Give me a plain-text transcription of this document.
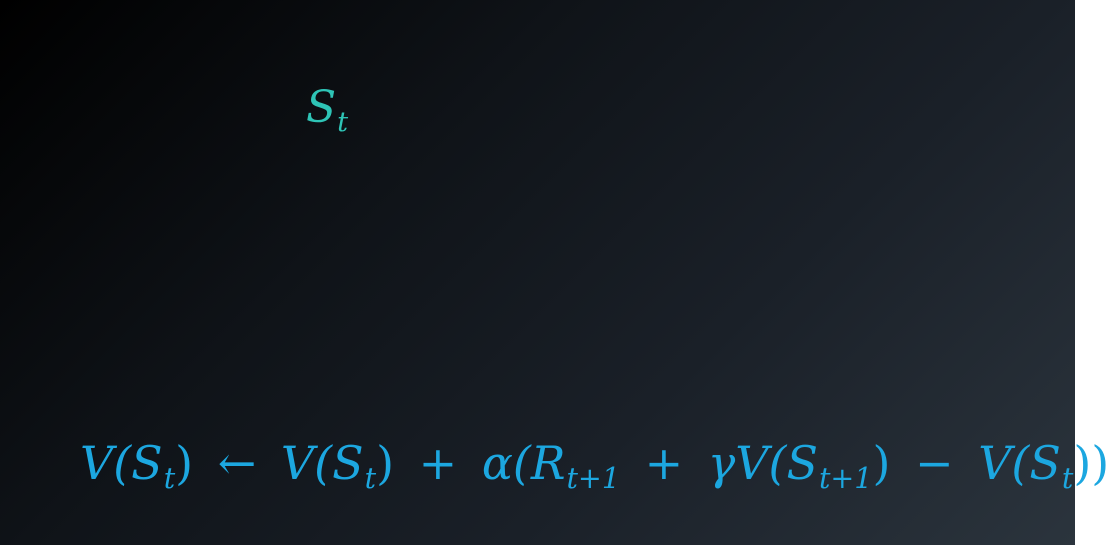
St
V(St) ← V(St) + α(Rt+1 + γV(St+1) − V(St))
